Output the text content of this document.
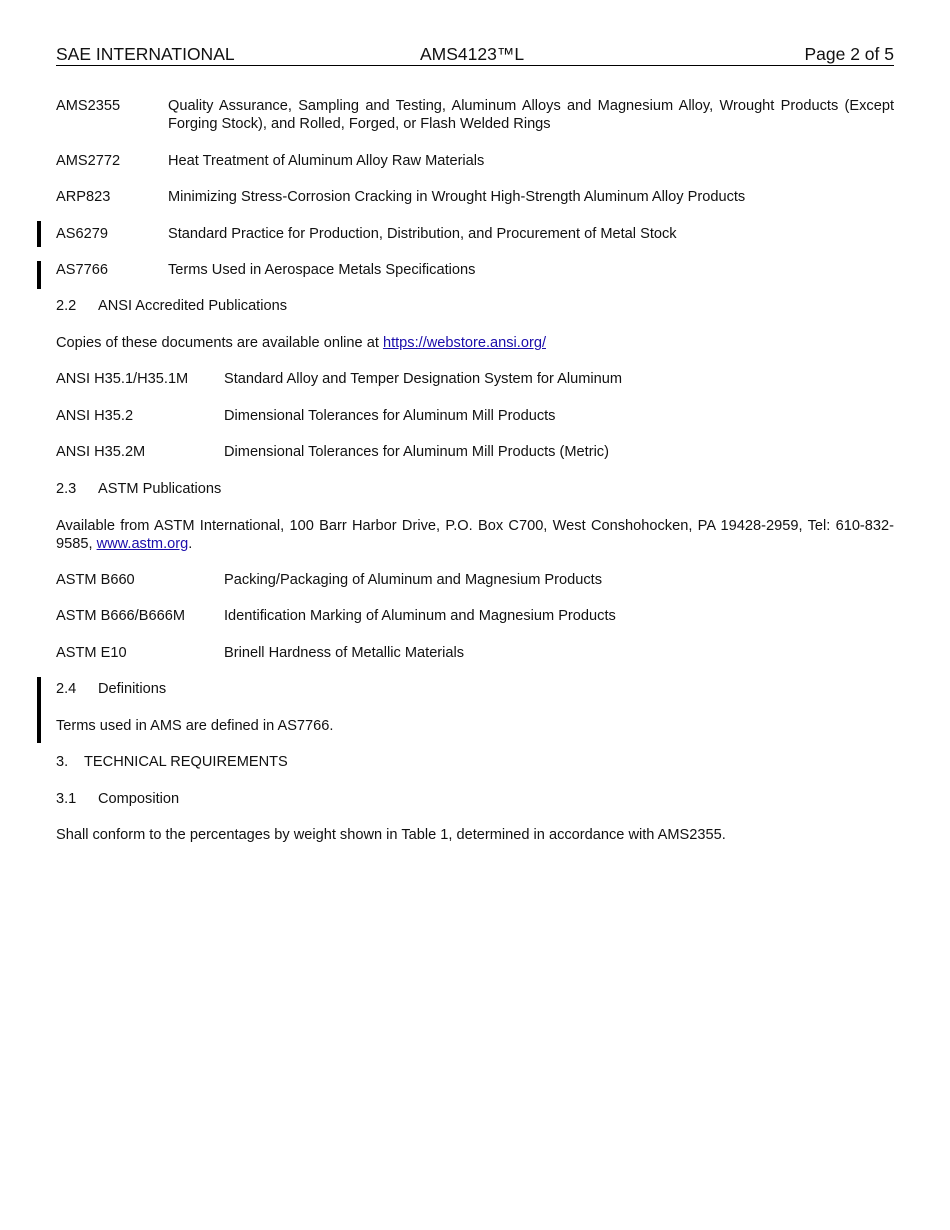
SAE INTERNATIONAL	AMS4123™L	Page 2 of 5
AMS2355	Quality Assurance, Sampling and Testing, Aluminum Alloys and Magnesium Alloy, Wrought Products (Except Forging Stock), and Rolled, Forged, or Flash Welded Rings
AMS2772	Heat Treatment of Aluminum Alloy Raw Materials
ARP823	Minimizing Stress-Corrosion Cracking in Wrought High-Strength Aluminum Alloy Products
AS6279	Standard Practice for Production, Distribution, and Procurement of Metal Stock
AS7766	Terms Used in Aerospace Metals Specifications
2.2 ANSI Accredited Publications
Copies of these documents are available online at https://webstore.ansi.org/
ANSI H35.1/H35.1M Standard Alloy and Temper Designation System for Aluminum
ANSI H35.2	Dimensional Tolerances for Aluminum Mill Products
ANSI H35.2M	Dimensional Tolerances for Aluminum Mill Products (Metric)
2.3 ASTM Publications
Available from ASTM International, 100 Barr Harbor Drive, P.O. Box C700, West Conshohocken, PA 19428-2959, Tel: 610-832-9585, www.astm.org.
ASTM B660	Packing/Packaging of Aluminum and Magnesium Products
ASTM B666/B666M	Identification Marking of Aluminum and Magnesium Products
ASTM E10	Brinell Hardness of Metallic Materials
2.4 Definitions
Terms used in AMS are defined in AS7766.
3. TECHNICAL REQUIREMENTS
3.1 Composition
Shall conform to the percentages by weight shown in Table 1, determined in accordance with AMS2355.
